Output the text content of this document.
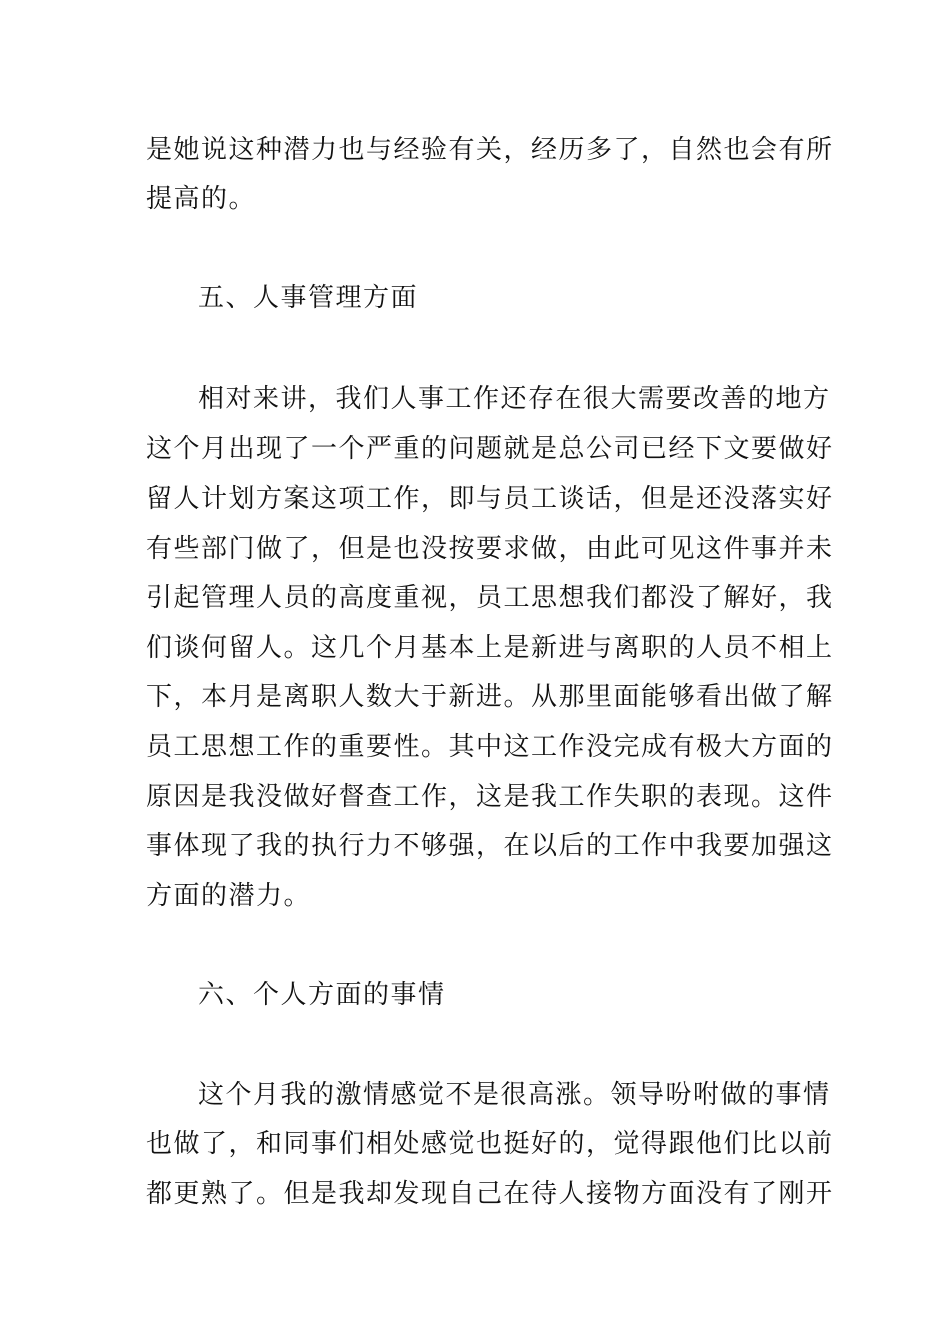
是她说这种潜力也与经验有关，经历多了，自然也会有所
提高的。
五、人事管理方面
相对来讲，我们人事工作还存在很大需要改善的地方
这个月出现了一个严重的问题就是总公司已经下文要做好
留人计划方案这项工作，即与员工谈话，但是还没落实好
有些部门做了，但是也没按要求做，由此可见这件事并未
引起管理人员的高度重视，员工思想我们都没了解好，我
们谈何留人。这几个月基本上是新进与离职的人员不相上
下，本月是离职人数大于新进。从那里面能够看出做了解
员工思想工作的重要性。其中这工作没完成有极大方面的
原因是我没做好督查工作，这是我工作失职的表现。这件
事体现了我的执行力不够强，在以后的工作中我要加强这
方面的潜力。
六、个人方面的事情
这个月我的激情感觉不是很高涨。领导吩咐做的事情
也做了，和同事们相处感觉也挺好的，觉得跟他们比以前
都更熟了。但是我却发现自己在待人接物方面没有了刚开
